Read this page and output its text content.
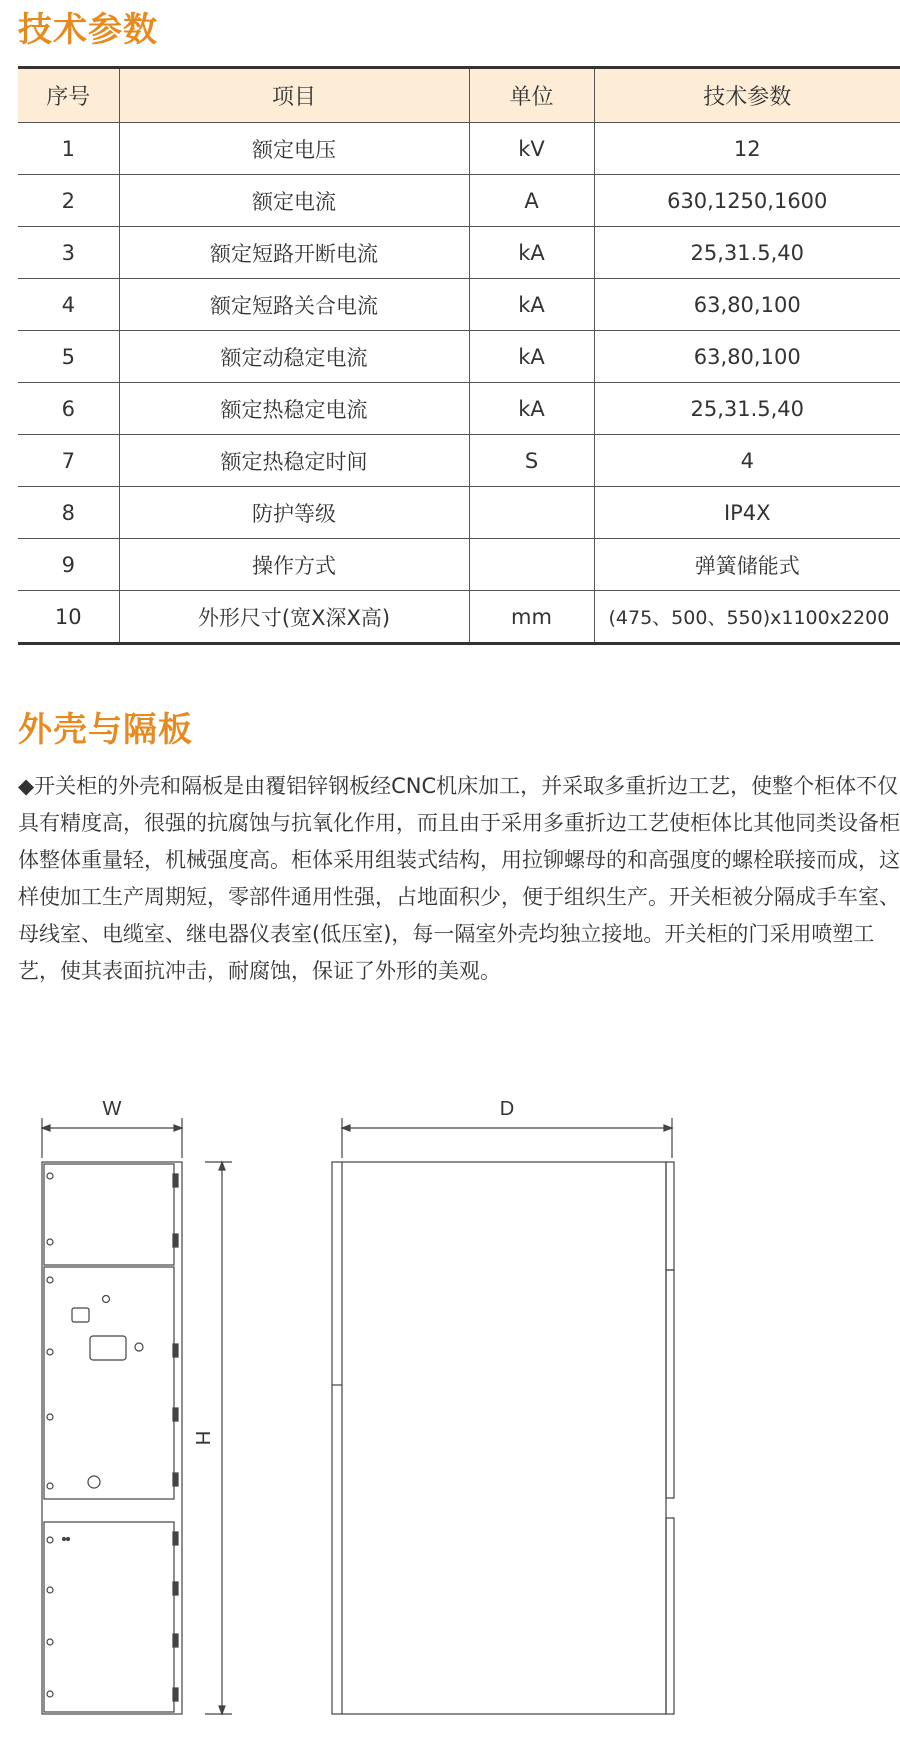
技术参数
序号	项目	单位	技术参数
1	额定电压	kV	12
2	额定电流	A	630,1250,1600
3	额定短路开断电流	kA	25,31.5,40
4	额定短路关合电流	kA	63,80,100
5	额定动稳定电流	kA	63,80,100
6	额定热稳定电流	kA	25,31.5,40
7	额定热稳定时间	S	4
8	防护等级		IP4X
9	操作方式		弹簧储能式
10	外形尺寸(宽X深X高)	mm	(475、500、550)x1100x2200
外壳与隔板

◆开关柜的外壳和隔板是由覆铝锌钢板经CNC机床加工，并采取多重折边工艺，使整个柜体不仅具有精度高，很强的抗腐蚀与抗氧化作用，而且由于采用多重折边工艺使柜体比其他同类设备柜体整体重量轻，机械强度高。柜体采用组装式结构，用拉铆螺母的和高强度的螺栓联接而成，这样使加工生产周期短，零部件通用性强，占地面积少，便于组织生产。开关柜被分隔成手车室、母线室、电缆室、继电器仪表室(低压室)，每一隔室外壳均独立接地。开关柜的门采用喷塑工艺，使其表面抗冲击，耐腐蚀，保证了外形的美观。

W	D
H
